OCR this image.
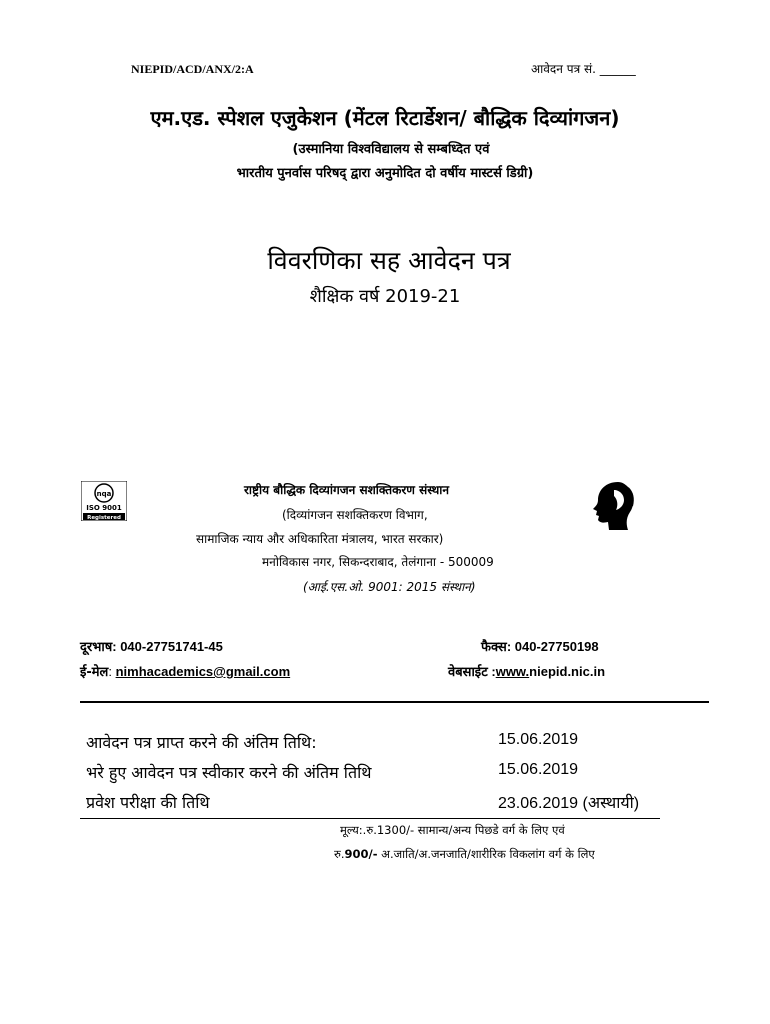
NIEPID/ACD/ANX/2:A	आवेदन पत्र सं. ______
एम.एड. स्पेशल एजुकेशन (मेंटल रिटार्डेशन/ बौद्धिक दिव्यांगजन)
(उस्मानिया विश्वविद्यालय से सम्बध्दित एवं
भारतीय पुनर्वास परिषद् द्वारा अनुमोदित दो वर्षीय मास्टर्स डिग्री)
विवरणिका सह आवेदन पत्र
शैक्षिक वर्ष 2019-21
nqa
ISO 9001
Registered
राष्ट्रीय बौद्धिक दिव्यांगजन सशक्तिकरण संस्थान
(दिव्यांगजन सशक्तिकरण विभाग,
सामाजिक न्याय और अधिकारिता मंत्रालय, भारत सरकार)
मनोविकास नगर, सिकन्दराबाद, तेलंगाना - 500009
(आई.एस.ओ. 9001: 2015 संस्थान)
दूरभाष: 040-27751741-45	फैक्स: 040-27750198
ई-मेल: nimhacademics@gmail.com	वेबसाईट :www.niepid.nic.in
आवेदन पत्र प्राप्त करने की अंतिम तिथि:	15.06.2019
भरे हुए आवेदन पत्र स्वीकार करने की अंतिम तिथि	15.06.2019
प्रवेश परीक्षा की तिथि	23.06.2019 (अस्थायी)
मूल्य:.रु.1300/- सामान्य/अन्य पिछडे वर्ग के लिए एवं
रु.900/- अ.जाति/अ.जनजाति/शारीरिक विकलांग वर्ग के लिए
